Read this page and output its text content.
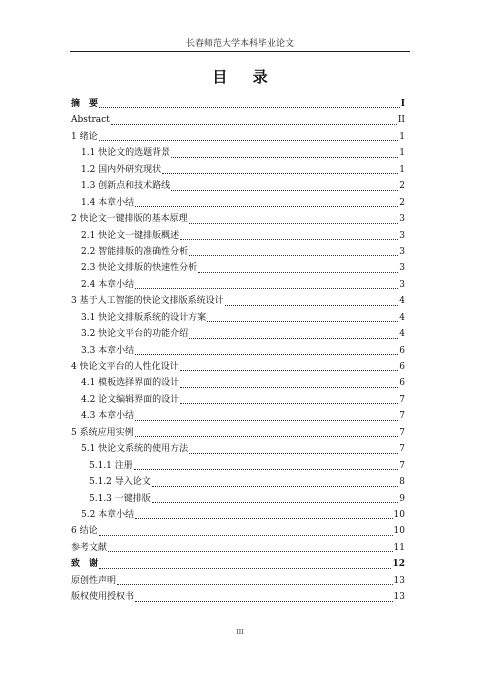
长春师范大学本科毕业论文
目 录
摘　要	I
Abstract	II
1 绪论	1
1.1 快论文的选题背景	1
1.2 国内外研究现状	1
1.3 创新点和技术路线	2
1.4 本章小结	2
2 快论文一键排版的基本原理	3
2.1 快论文一键排版概述	3
2.2 智能排版的准确性分析	3
2.3 快论文排版的快速性分析	3
2.4 本章小结	3
3 基于人工智能的快论文排版系统设计	4
3.1 快论文排版系统的设计方案	4
3.2 快论文平台的功能介绍	4
3.3 本章小结	6
4 快论文平台的人性化设计	6
4.1 模板选择界面的设计	6
4.2 论文编辑界面的设计	7
4.3 本章小结	7
5 系统应用实例	7
5.1 快论文系统的使用方法	7
5.1.1 注册	7
5.1.2 导入论文	8
5.1.3 一键排版	9
5.2 本章小结	10
6 结论	10
参考文献	11
致　谢	12
原创性声明	13
版权使用授权书	13
III
